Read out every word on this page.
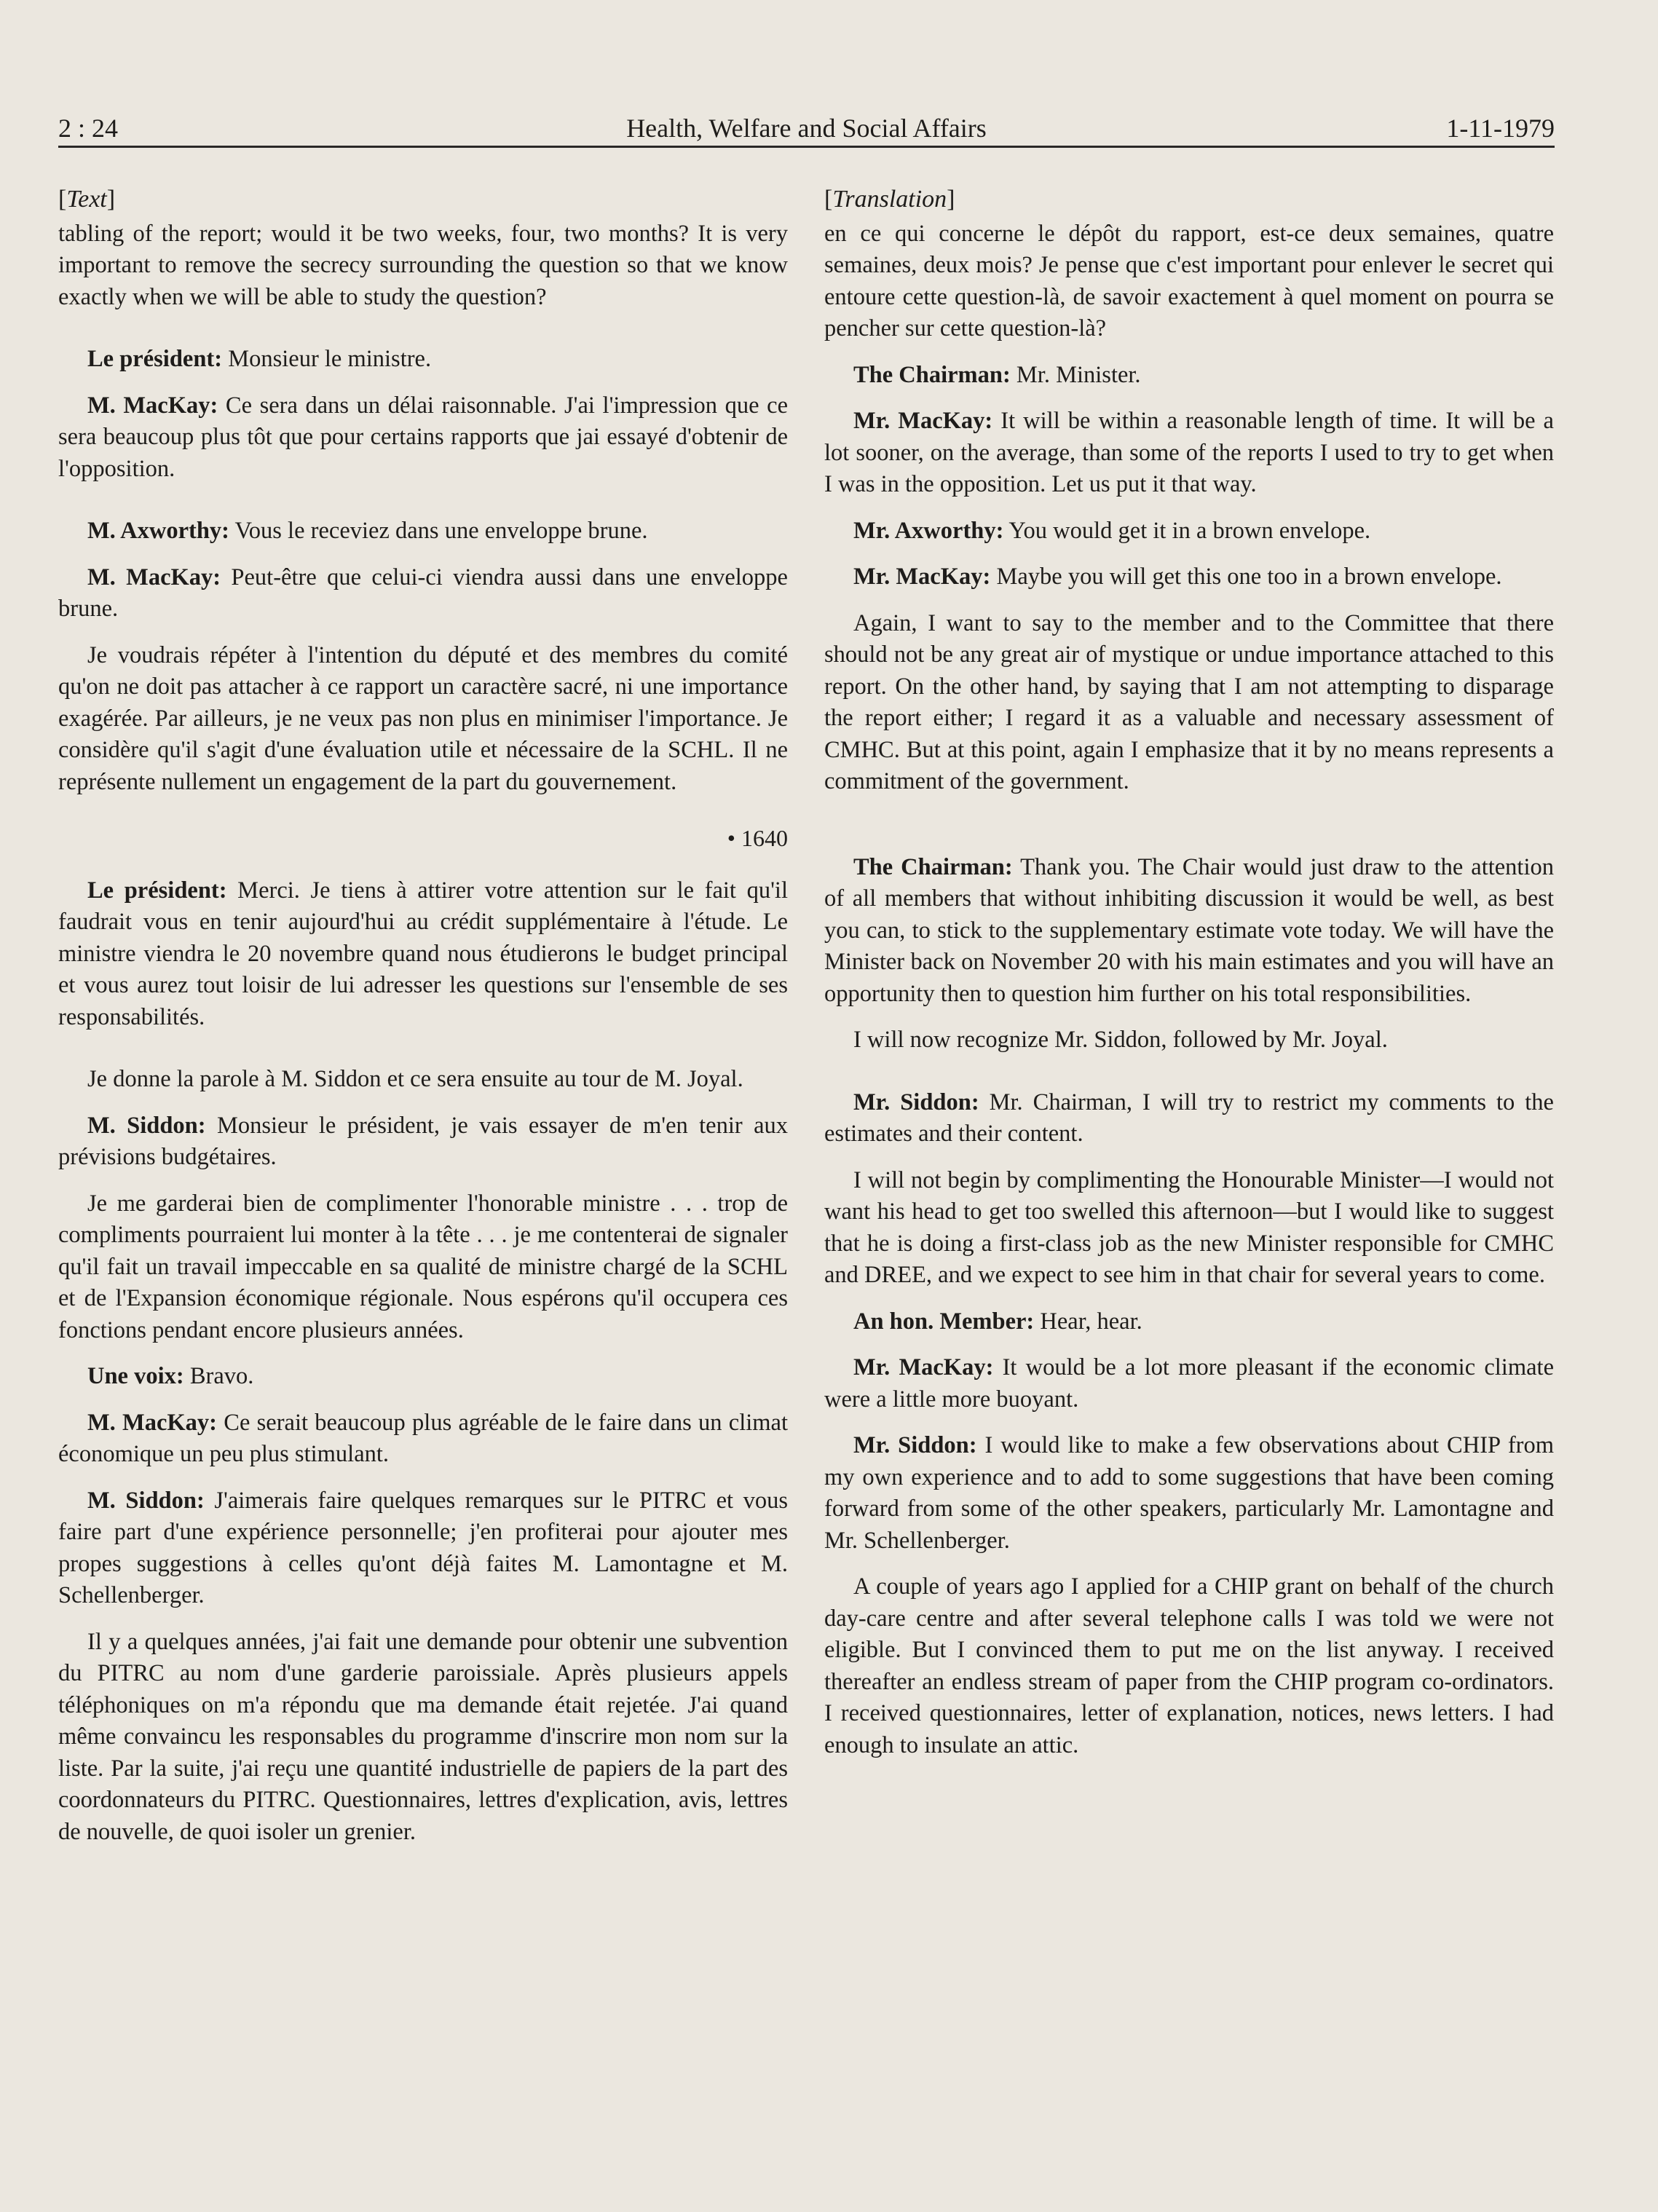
2 : 24	Health, Welfare and Social Affairs	1-11-1979
[Text]

tabling of the report; would it be two weeks, four, two months? It is very important to remove the secrecy surrounding the question so that we know exactly when we will be able to study the question?

Le président: Monsieur le ministre.

M. MacKay: Ce sera dans un délai raisonnable. J'ai l'impression que ce sera beaucoup plus tôt que pour certains rapports que jai essayé d'obtenir de l'opposition.

M. Axworthy: Vous le receviez dans une enveloppe brune.

M. MacKay: Peut-être que celui-ci viendra aussi dans une enveloppe brune.

Je voudrais répéter à l'intention du député et des membres du comité qu'on ne doit pas attacher à ce rapport un caractère sacré, ni une importance exagérée. Par ailleurs, je ne veux pas non plus en minimiser l'importance. Je considère qu'il s'agit d'une évaluation utile et nécessaire de la SCHL. Il ne représente nullement un engagement de la part du gouvernement.

• 1640

Le président: Merci. Je tiens à attirer votre attention sur le fait qu'il faudrait vous en tenir aujourd'hui au crédit supplémentaire à l'étude. Le ministre viendra le 20 novembre quand nous étudierons le budget principal et vous aurez tout loisir de lui adresser les questions sur l'ensemble de ses responsabilités.

Je donne la parole à M. Siddon et ce sera ensuite au tour de M. Joyal.

M. Siddon: Monsieur le président, je vais essayer de m'en tenir aux prévisions budgétaires.

Je me garderai bien de complimenter l'honorable ministre . . . trop de compliments pourraient lui monter à la tête . . . je me contenterai de signaler qu'il fait un travail impeccable en sa qualité de ministre chargé de la SCHL et de l'Expansion économique régionale. Nous espérons qu'il occupera ces fonctions pendant encore plusieurs années.

Une voix: Bravo.

M. MacKay: Ce serait beaucoup plus agréable de le faire dans un climat économique un peu plus stimulant.

M. Siddon: J'aimerais faire quelques remarques sur le PITRC et vous faire part d'une expérience personnelle; j'en profiterai pour ajouter mes propes suggestions à celles qu'ont déjà faites M. Lamontagne et M. Schellenberger.

Il y a quelques années, j'ai fait une demande pour obtenir une subvention du PITRC au nom d'une garderie paroissiale. Après plusieurs appels téléphoniques on m'a répondu que ma demande était rejetée. J'ai quand même convaincu les responsables du programme d'inscrire mon nom sur la liste. Par la suite, j'ai reçu une quantité industrielle de papiers de la part des coordonnateurs du PITRC. Questionnaires, lettres d'explication, avis, lettres de nouvelle, de quoi isoler un grenier.

[Translation]

en ce qui concerne le dépôt du rapport, est-ce deux semaines, quatre semaines, deux mois? Je pense que c'est important pour enlever le secret qui entoure cette question-là, de savoir exactement à quel moment on pourra se pencher sur cette question-là?

The Chairman: Mr. Minister.

Mr. MacKay: It will be within a reasonable length of time. It will be a lot sooner, on the average, than some of the reports I used to try to get when I was in the opposition. Let us put it that way.

Mr. Axworthy: You would get it in a brown envelope.

Mr. MacKay: Maybe you will get this one too in a brown envelope.

Again, I want to say to the member and to the Committee that there should not be any great air of mystique or undue importance attached to this report. On the other hand, by saying that I am not attempting to disparage the report either; I regard it as a valuable and necessary assessment of CMHC. But at this point, again I emphasize that it by no means represents a commitment of the government.

The Chairman: Thank you. The Chair would just draw to the attention of all members that without inhibiting discussion it would be well, as best you can, to stick to the supplementary estimate vote today. We will have the Minister back on November 20 with his main estimates and you will have an opportunity then to question him further on his total responsibilities.

I will now recognize Mr. Siddon, followed by Mr. Joyal.

Mr. Siddon: Mr. Chairman, I will try to restrict my comments to the estimates and their content.

I will not begin by complimenting the Honourable Minister—I would not want his head to get too swelled this afternoon—but I would like to suggest that he is doing a first-class job as the new Minister responsible for CMHC and DREE, and we expect to see him in that chair for several years to come.

An hon. Member: Hear, hear.

Mr. MacKay: It would be a lot more pleasant if the economic climate were a little more buoyant.

Mr. Siddon: I would like to make a few observations about CHIP from my own experience and to add to some suggestions that have been coming forward from some of the other speakers, particularly Mr. Lamontagne and Mr. Schellenberger.

A couple of years ago I applied for a CHIP grant on behalf of the church day-care centre and after several telephone calls I was told we were not eligible. But I convinced them to put me on the list anyway. I received thereafter an endless stream of paper from the CHIP program co-ordinators. I received questionnaires, letter of explanation, notices, news letters. I had enough to insulate an attic.
